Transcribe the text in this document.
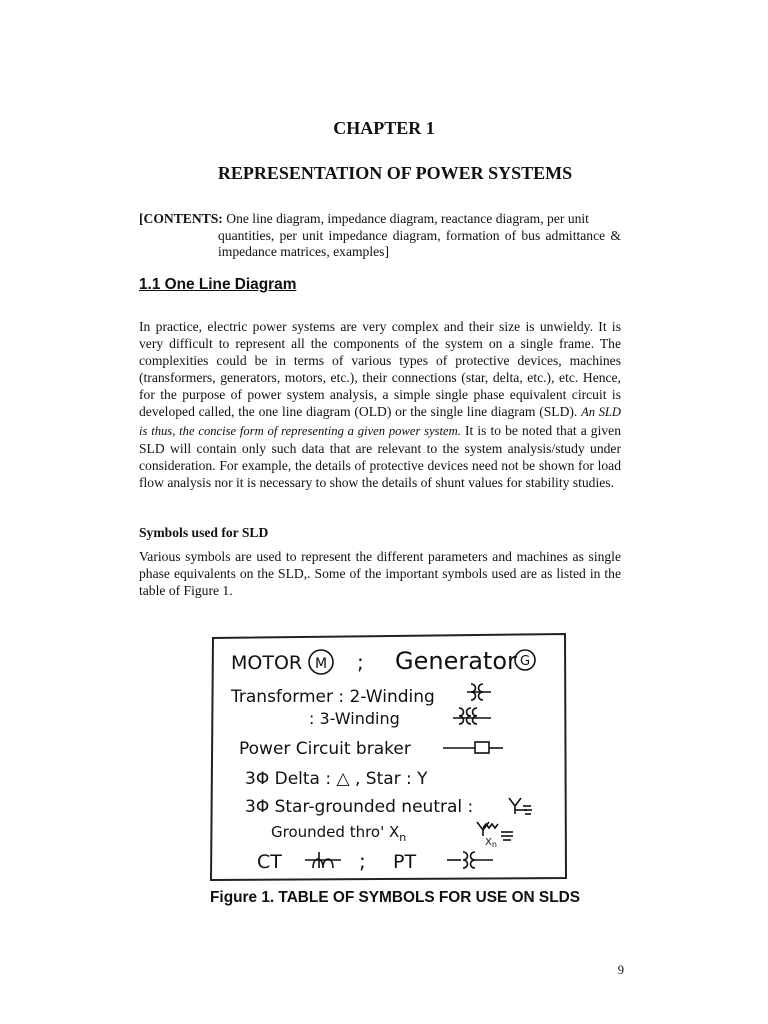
CHAPTER 1
REPRESENTATION OF POWER SYSTEMS
[CONTENTS: One line diagram, impedance diagram, reactance diagram, per unit
quantities, per unit impedance diagram, formation of bus admittance & impedance matrices, examples]
1.1 One Line Diagram
In practice, electric power systems are very complex and their size is unwieldy. It is very difficult to represent all the components of the system on a single frame. The complexities could be in terms of various types of protective devices, machines (transformers, generators, motors, etc.), their connections (star, delta, etc.), etc. Hence, for the purpose of power system analysis, a simple single phase equivalent circuit is developed called, the one line diagram (OLD) or the single line diagram (SLD). An SLD is thus, the concise form of representing a given power system. It is to be noted that a given SLD will contain only such data that are relevant to the system analysis/study under consideration. For example, the details of protective devices need not be shown for load flow analysis nor it is necessary to show the details of shunt values for stability studies.
Symbols used for SLD
Various symbols are used to represent the different parameters and machines as single phase equivalents on the SLD,. Some of the important symbols used are as listed in the table of Figure 1.
MOTOR M ; Generator G
Transformer : 2-Winding
: 3-Winding
Power Circuit braker
3Φ Delta : △ , Star : Y
3Φ Star-grounded neutral :
Grounded thro' $X_n$	$X_n$
CT	; PT
Figure 1. TABLE OF SYMBOLS FOR USE ON SLDS
9
